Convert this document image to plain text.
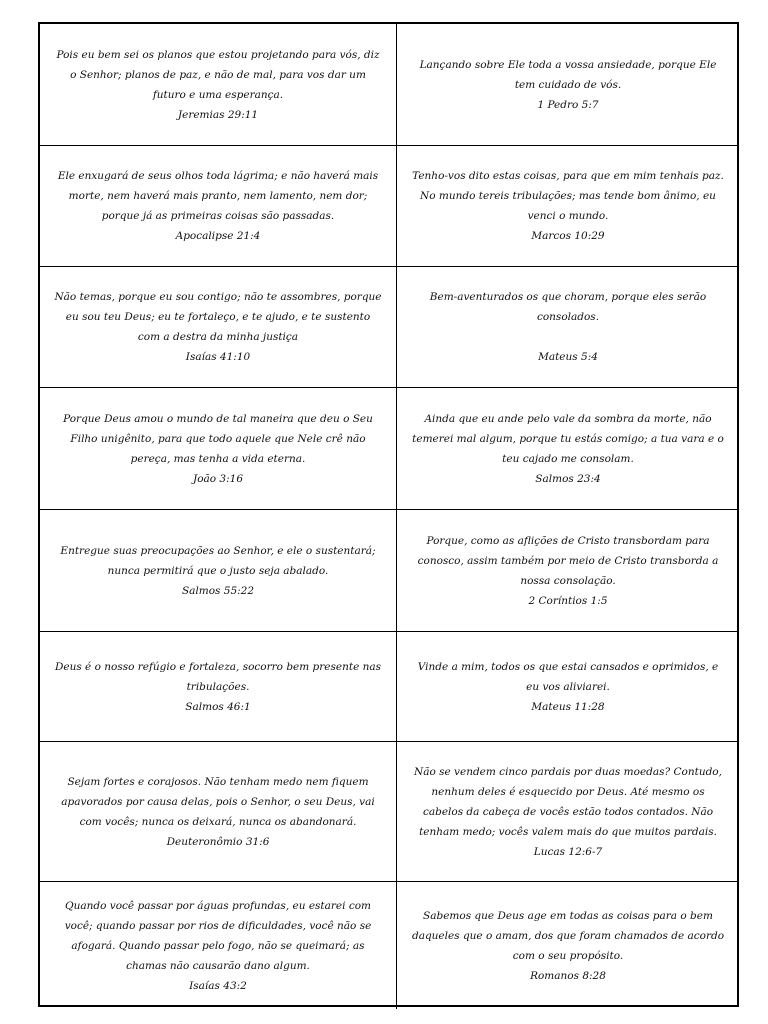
Pois eu bem sei os planos que estou projetando para vós, diz o Senhor; planos de paz, e não de mal, para vos dar um futuro e uma esperança.

Jeremias 29:11

Lançando sobre Ele toda a vossa ansiedade, porque Ele tem cuidado de vós.

1 Pedro 5:7

Ele enxugará de seus olhos toda lágrima; e não haverá mais morte, nem haverá mais pranto, nem lamento, nem dor; porque já as primeiras coisas são passadas.

Apocalipse 21:4

Tenho-vos dito estas coisas, para que em mim tenhais paz. No mundo tereis tribulações; mas tende bom ânimo, eu venci o mundo.

Marcos 10:29

Não temas, porque eu sou contigo; não te assombres, porque eu sou teu Deus; eu te fortaleço, e te ajudo, e te sustento com a destra da minha justiça

Isaías 41:10

Bem-aventurados os que choram, porque eles serão consolados.

Mateus 5:4

Porque Deus amou o mundo de tal maneira que deu o Seu Filho unigênito, para que todo aquele que Nele crê não pereça, mas tenha a vida eterna.

João 3:16

Ainda que eu ande pelo vale da sombra da morte, não temerei mal algum, porque tu estás comigo; a tua vara e o teu cajado me consolam.

Salmos 23:4

Entregue suas preocupações ao Senhor, e ele o sustentará; nunca permitirá que o justo seja abalado.

Salmos 55:22

Porque, como as aflições de Cristo transbordam para conosco, assim também por meio de Cristo transborda a nossa consolação.

2 Coríntios 1:5

Deus é o nosso refúgio e fortaleza, socorro bem presente nas tribulações.

Salmos 46:1

Vinde a mim, todos os que estai cansados e oprimidos, e eu vos aliviarei.

Mateus 11:28

Sejam fortes e corajosos. Não tenham medo nem fiquem apavorados por causa delas, pois o Senhor, o seu Deus, vai com vocês; nunca os deixará, nunca os abandonará.

Deuteronômio 31:6

Não se vendem cinco pardais por duas moedas? Contudo, nenhum deles é esquecido por Deus. Até mesmo os cabelos da cabeça de vocês estão todos contados. Não tenham medo; vocês valem mais do que muitos pardais.

Lucas 12:6-7

Quando você passar por águas profundas, eu estarei com você; quando passar por rios de dificuldades, você não se afogará. Quando passar pelo fogo, não se queimará; as chamas não causarão dano algum.

Isaías 43:2

Sabemos que Deus age em todas as coisas para o bem daqueles que o amam, dos que foram chamados de acordo com o seu propósito.

Romanos 8:28
